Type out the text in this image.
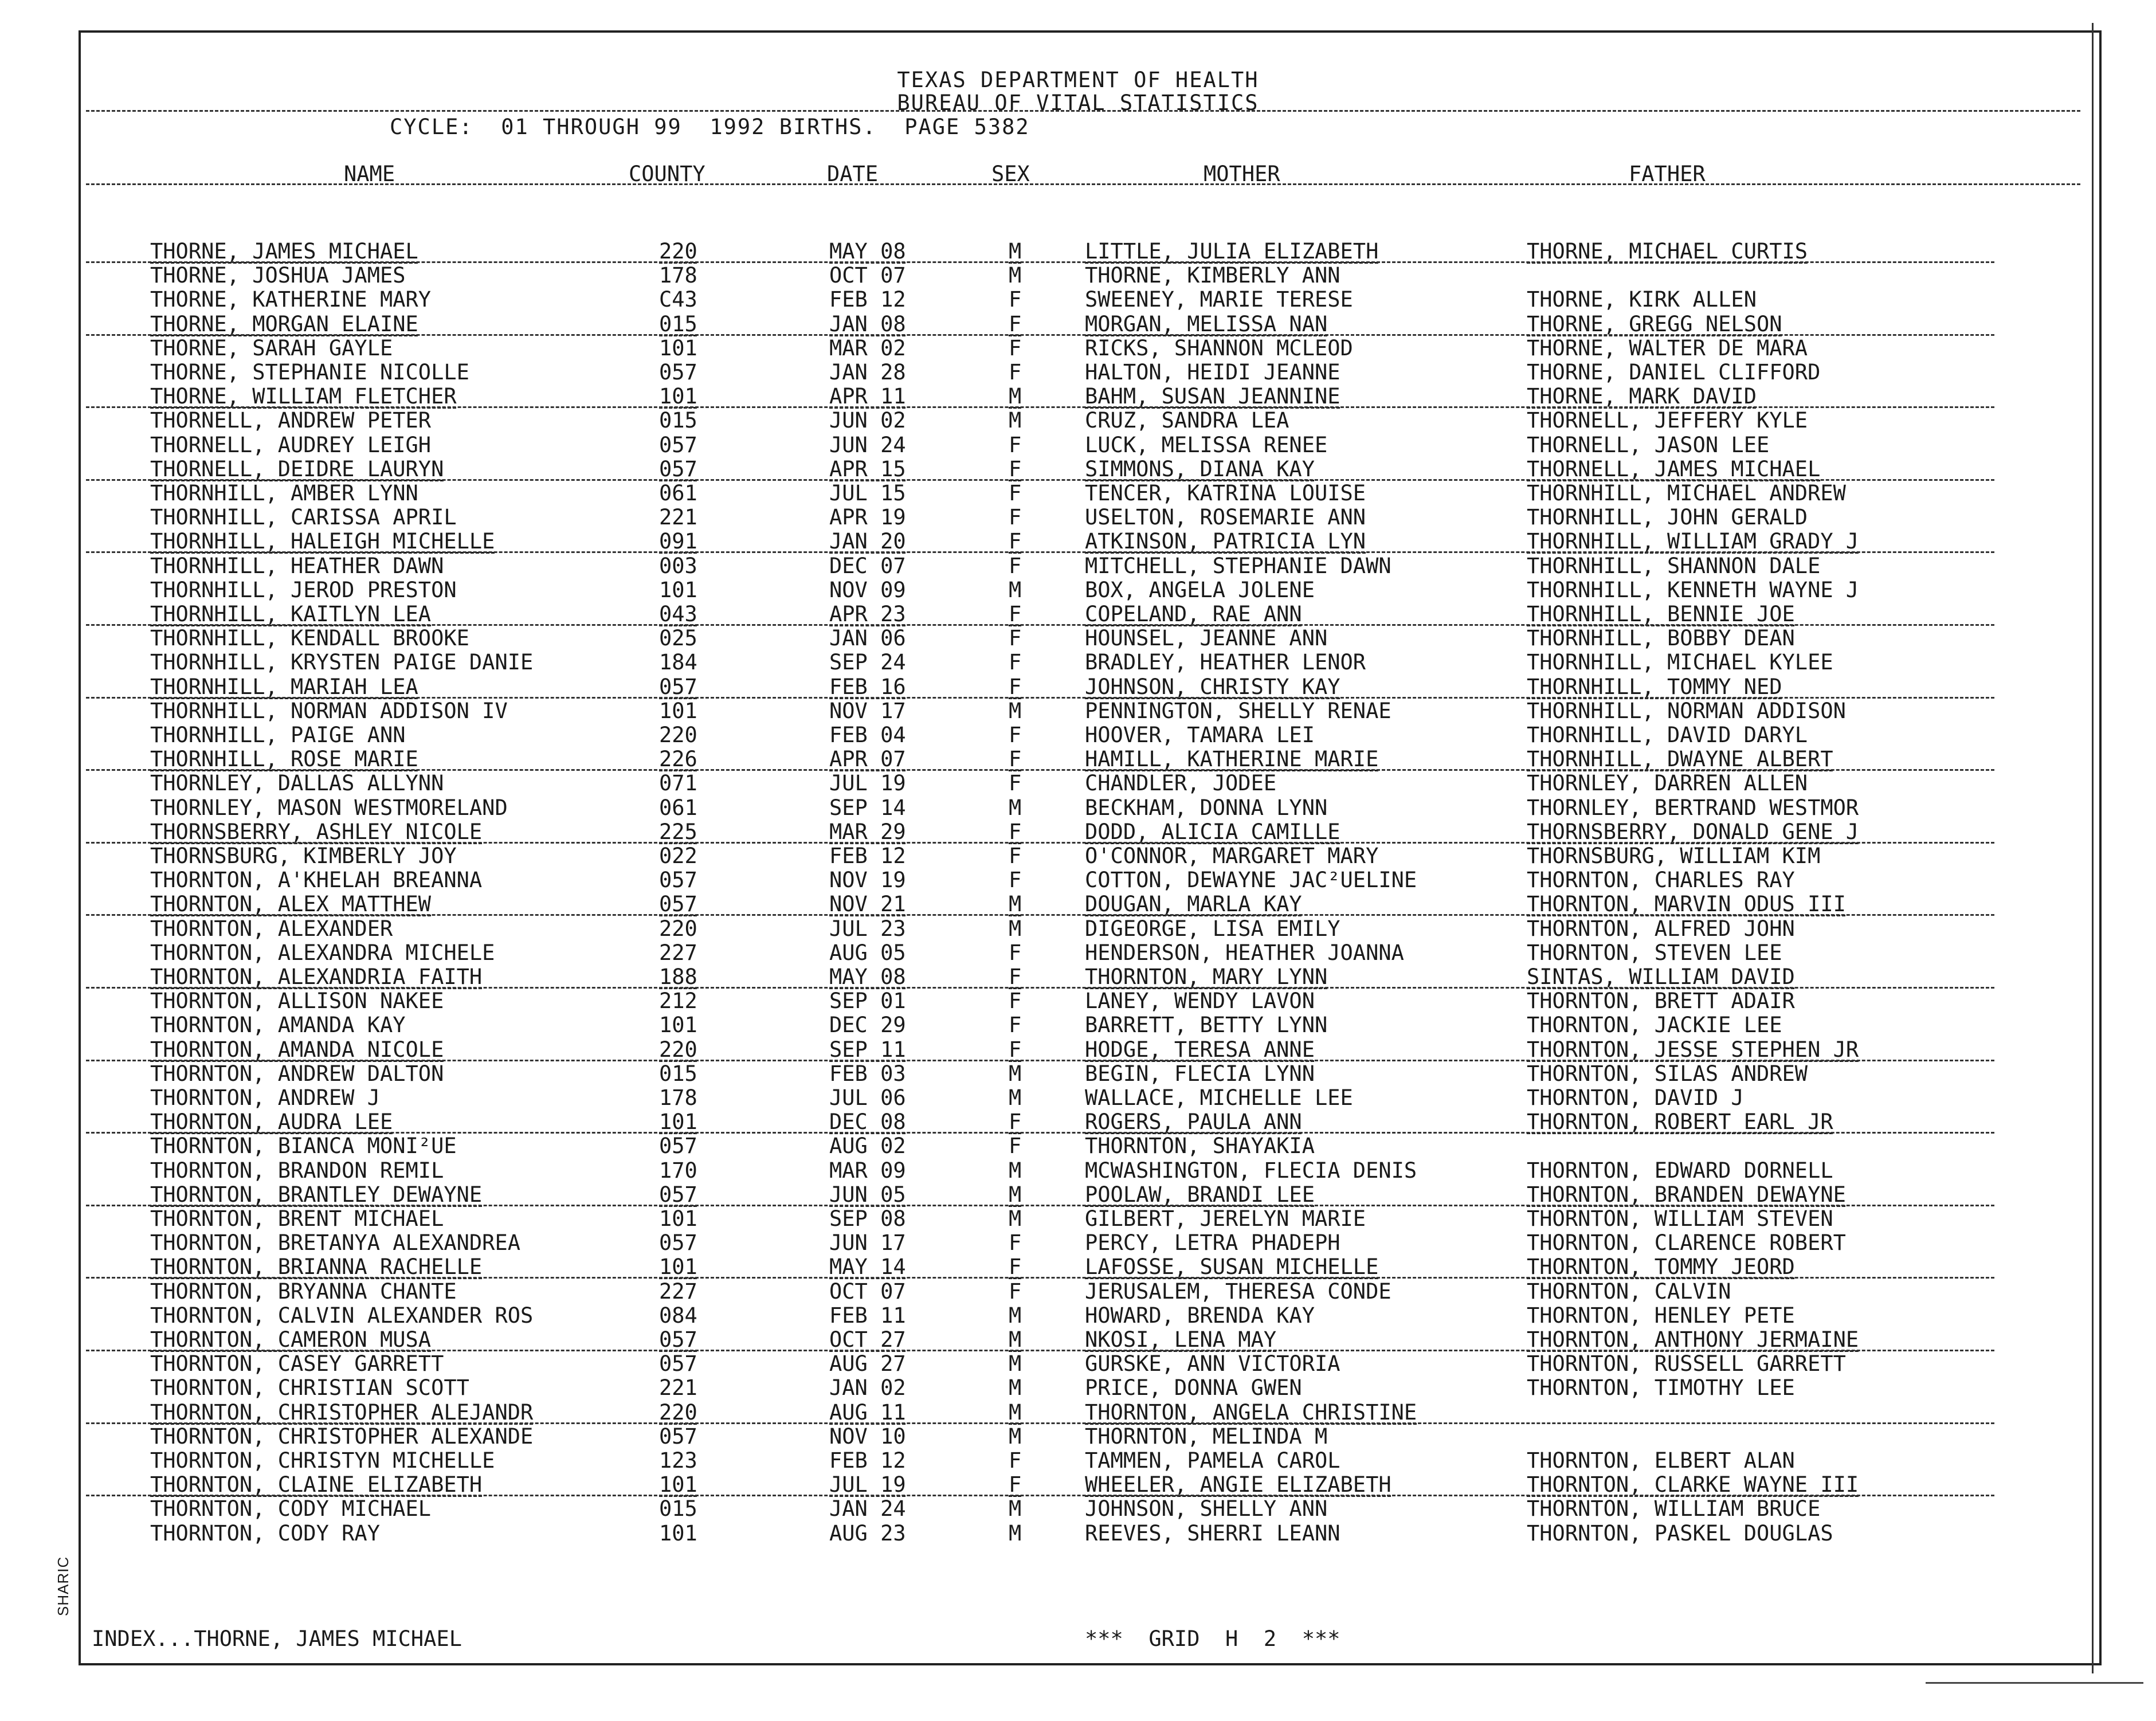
SHARIC
TEXAS DEPARTMENT OF HEALTH
BUREAU OF VITAL STATISTICS
CYCLE:  01 THROUGH 99  1992 BIRTHS.  PAGE 5382
NAME	COUNTY	DATE	SEX	MOTHER	FATHER
THORNE, JAMES MICHAEL	220	MAY 08	M	LITTLE, JULIA ELIZABETH	THORNE, MICHAEL CURTIS
THORNE, JOSHUA JAMES	178	OCT 07	M	THORNE, KIMBERLY ANN
THORNE, KATHERINE MARY	C43	FEB 12	F	SWEENEY, MARIE TERESE	THORNE, KIRK ALLEN
THORNE, MORGAN ELAINE	015	JAN 08	F	MORGAN, MELISSA NAN	THORNE, GREGG NELSON
THORNE, SARAH GAYLE	101	MAR 02	F	RICKS, SHANNON MCLEOD	THORNE, WALTER DE MARA
THORNE, STEPHANIE NICOLLE	057	JAN 28	F	HALTON, HEIDI JEANNE	THORNE, DANIEL CLIFFORD
THORNE, WILLIAM FLETCHER	101	APR 11	M	BAHM, SUSAN JEANNINE	THORNE, MARK DAVID
THORNELL, ANDREW PETER	015	JUN 02	M	CRUZ, SANDRA LEA	THORNELL, JEFFERY KYLE
THORNELL, AUDREY LEIGH	057	JUN 24	F	LUCK, MELISSA RENEE	THORNELL, JASON LEE
THORNELL, DEIDRE LAURYN	057	APR 15	F	SIMMONS, DIANA KAY	THORNELL, JAMES MICHAEL
THORNHILL, AMBER LYNN	061	JUL 15	F	TENCER, KATRINA LOUISE	THORNHILL, MICHAEL ANDREW
THORNHILL, CARISSA APRIL	221	APR 19	F	USELTON, ROSEMARIE ANN	THORNHILL, JOHN GERALD
THORNHILL, HALEIGH MICHELLE	091	JAN 20	F	ATKINSON, PATRICIA LYN	THORNHILL, WILLIAM GRADY J
THORNHILL, HEATHER DAWN	003	DEC 07	F	MITCHELL, STEPHANIE DAWN	THORNHILL, SHANNON DALE
THORNHILL, JEROD PRESTON	101	NOV 09	M	BOX, ANGELA JOLENE	THORNHILL, KENNETH WAYNE J
THORNHILL, KAITLYN LEA	043	APR 23	F	COPELAND, RAE ANN	THORNHILL, BENNIE JOE
THORNHILL, KENDALL BROOKE	025	JAN 06	F	HOUNSEL, JEANNE ANN	THORNHILL, BOBBY DEAN
THORNHILL, KRYSTEN PAIGE DANIE	184	SEP 24	F	BRADLEY, HEATHER LENOR	THORNHILL, MICHAEL KYLEE
THORNHILL, MARIAH LEA	057	FEB 16	F	JOHNSON, CHRISTY KAY	THORNHILL, TOMMY NED
THORNHILL, NORMAN ADDISON IV	101	NOV 17	M	PENNINGTON, SHELLY RENAE	THORNHILL, NORMAN ADDISON
THORNHILL, PAIGE ANN	220	FEB 04	F	HOOVER, TAMARA LEI	THORNHILL, DAVID DARYL
THORNHILL, ROSE MARIE	226	APR 07	F	HAMILL, KATHERINE MARIE	THORNHILL, DWAYNE ALBERT
THORNLEY, DALLAS ALLYNN	071	JUL 19	F	CHANDLER, JODEE	THORNLEY, DARREN ALLEN
THORNLEY, MASON WESTMORELAND	061	SEP 14	M	BECKHAM, DONNA LYNN	THORNLEY, BERTRAND WESTMOR
THORNSBERRY, ASHLEY NICOLE	225	MAR 29	F	DODD, ALICIA CAMILLE	THORNSBERRY, DONALD GENE J
THORNSBURG, KIMBERLY JOY	022	FEB 12	F	O'CONNOR, MARGARET MARY	THORNSBURG, WILLIAM KIM
THORNTON, A'KHELAH BREANNA	057	NOV 19	F	COTTON, DEWAYNE JAC²UELINE	THORNTON, CHARLES RAY
THORNTON, ALEX MATTHEW	057	NOV 21	M	DOUGAN, MARLA KAY	THORNTON, MARVIN ODUS III
THORNTON, ALEXANDER	220	JUL 23	M	DIGEORGE, LISA EMILY	THORNTON, ALFRED JOHN
THORNTON, ALEXANDRA MICHELE	227	AUG 05	F	HENDERSON, HEATHER JOANNA	THORNTON, STEVEN LEE
THORNTON, ALEXANDRIA FAITH	188	MAY 08	F	THORNTON, MARY LYNN	SINTAS, WILLIAM DAVID
THORNTON, ALLISON NAKEE	212	SEP 01	F	LANEY, WENDY LAVON	THORNTON, BRETT ADAIR
THORNTON, AMANDA KAY	101	DEC 29	F	BARRETT, BETTY LYNN	THORNTON, JACKIE LEE
THORNTON, AMANDA NICOLE	220	SEP 11	F	HODGE, TERESA ANNE	THORNTON, JESSE STEPHEN JR
THORNTON, ANDREW DALTON	015	FEB 03	M	BEGIN, FLECIA LYNN	THORNTON, SILAS ANDREW
THORNTON, ANDREW J	178	JUL 06	M	WALLACE, MICHELLE LEE	THORNTON, DAVID J
THORNTON, AUDRA LEE	101	DEC 08	F	ROGERS, PAULA ANN	THORNTON, ROBERT EARL JR
THORNTON, BIANCA MONI²UE	057	AUG 02	F	THORNTON, SHAYAKIA
THORNTON, BRANDON REMIL	170	MAR 09	M	MCWASHINGTON, FLECIA DENIS	THORNTON, EDWARD DORNELL
THORNTON, BRANTLEY DEWAYNE	057	JUN 05	M	POOLAW, BRANDI LEE	THORNTON, BRANDEN DEWAYNE
THORNTON, BRENT MICHAEL	101	SEP 08	M	GILBERT, JERELYN MARIE	THORNTON, WILLIAM STEVEN
THORNTON, BRETANYA ALEXANDREA	057	JUN 17	F	PERCY, LETRA PHADEPH	THORNTON, CLARENCE ROBERT
THORNTON, BRIANNA RACHELLE	101	MAY 14	F	LAFOSSE, SUSAN MICHELLE	THORNTON, TOMMY JEORD
THORNTON, BRYANNA CHANTE	227	OCT 07	F	JERUSALEM, THERESA CONDE	THORNTON, CALVIN
THORNTON, CALVIN ALEXANDER ROS	084	FEB 11	M	HOWARD, BRENDA KAY	THORNTON, HENLEY PETE
THORNTON, CAMERON MUSA	057	OCT 27	M	NKOSI, LENA MAY	THORNTON, ANTHONY JERMAINE
THORNTON, CASEY GARRETT	057	AUG 27	M	GURSKE, ANN VICTORIA	THORNTON, RUSSELL GARRETT
THORNTON, CHRISTIAN SCOTT	221	JAN 02	M	PRICE, DONNA GWEN	THORNTON, TIMOTHY LEE
THORNTON, CHRISTOPHER ALEJANDR	220	AUG 11	M	THORNTON, ANGELA CHRISTINE
THORNTON, CHRISTOPHER ALEXANDE	057	NOV 10	M	THORNTON, MELINDA M
THORNTON, CHRISTYN MICHELLE	123	FEB 12	F	TAMMEN, PAMELA CAROL	THORNTON, ELBERT ALAN
THORNTON, CLAINE ELIZABETH	101	JUL 19	F	WHEELER, ANGIE ELIZABETH	THORNTON, CLARKE WAYNE III
THORNTON, CODY MICHAEL	015	JAN 24	M	JOHNSON, SHELLY ANN	THORNTON, WILLIAM BRUCE
THORNTON, CODY RAY	101	AUG 23	M	REEVES, SHERRI LEANN	THORNTON, PASKEL DOUGLAS
INDEX...THORNE, JAMES MICHAEL	***  GRID  H  2  ***
